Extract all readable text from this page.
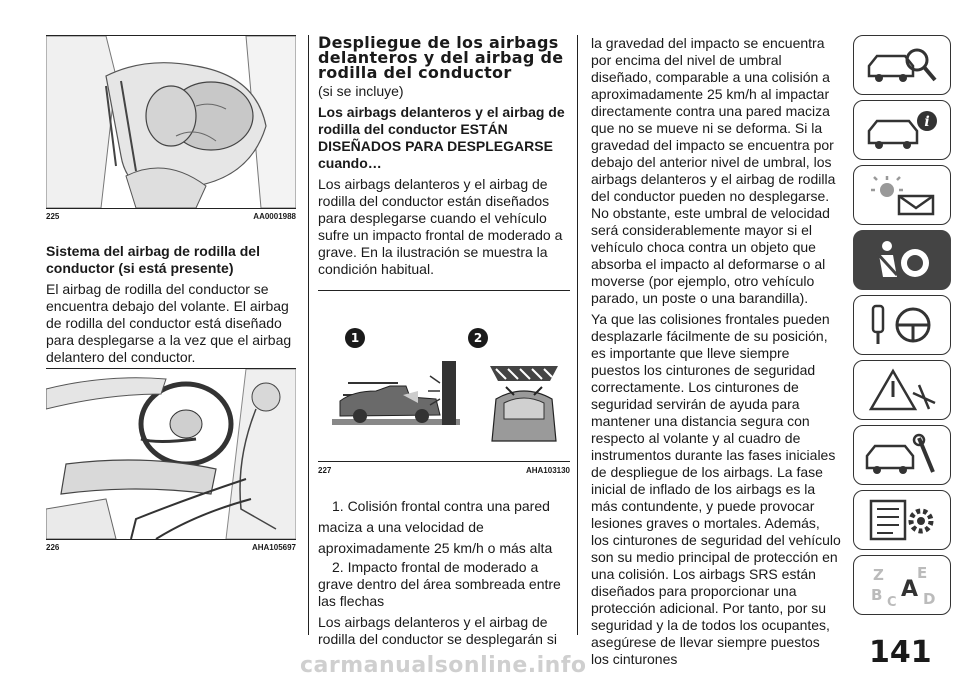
225	AA0001988

Sistema del airbag de rodilla del conductor (si está presente)

El airbag de rodilla del conductor se encuentra debajo del volante. El airbag de rodilla del conductor está diseñado para desplegarse a la vez que el airbag delantero del conductor.

226	AHA105697

Despliegue de los airbags delanteros y del airbag de rodilla del conductor

(si se incluye)

Los airbags delanteros y el airbag de rodilla del conductor ESTÁN DISEÑADOS PARA DESPLEGARSE cuando…

Los airbags delanteros y el airbag de rodilla del conductor están diseñados para desplegarse cuando el vehículo sufre un impacto frontal de moderado a grave. En la ilustración se muestra la condición habitual.

1	2
227	AHA103130

1. Colisión frontal contra una pared maciza a una velocidad de aproximadamente 25 km/h o más alta

2. Impacto frontal de moderado a grave dentro del área sombreada entre las flechas

Los airbags delanteros y el airbag de rodilla del conductor se desplegarán si

la gravedad del impacto se encuentra por encima del nivel de umbral diseñado, comparable a una colisión a aproximadamente 25 km/h al impactar directamente contra una pared maciza que no se mueve ni se deforma. Si la gravedad del impacto se encuentra por debajo del anterior nivel de umbral, los airbags delanteros y el airbag de rodilla del conductor pueden no desplegarse. No obstante, este umbral de velocidad será considerablemente mayor si el vehículo choca contra un objeto que absorba el impacto al deformarse o al moverse (por ejemplo, otro vehículo parado, un poste o una barandilla).

Ya que las colisiones frontales pueden desplazarle fácilmente de su posición, es importante que lleve siempre puestos los cinturones de seguridad correctamente. Los cinturones de seguridad servirán de ayuda para mantener una distancia segura con respecto al volante y al cuadro de instrumentos durante las fases iniciales de despliegue de los airbags. La fase inicial de inflado de los airbags es la más contundente, y puede provocar lesiones graves o mortales. Además, los cinturones de seguridad del vehículo son su medio principal de protección en una colisión. Los airbags SRS están diseñados para proporcionar una protección adicional. Por tanto, por su seguridad y la de todos los ocupantes, asegúrese de llevar siempre puestos los cinturones

i
Z E
B A
C D
141
carmanualsonline.info
